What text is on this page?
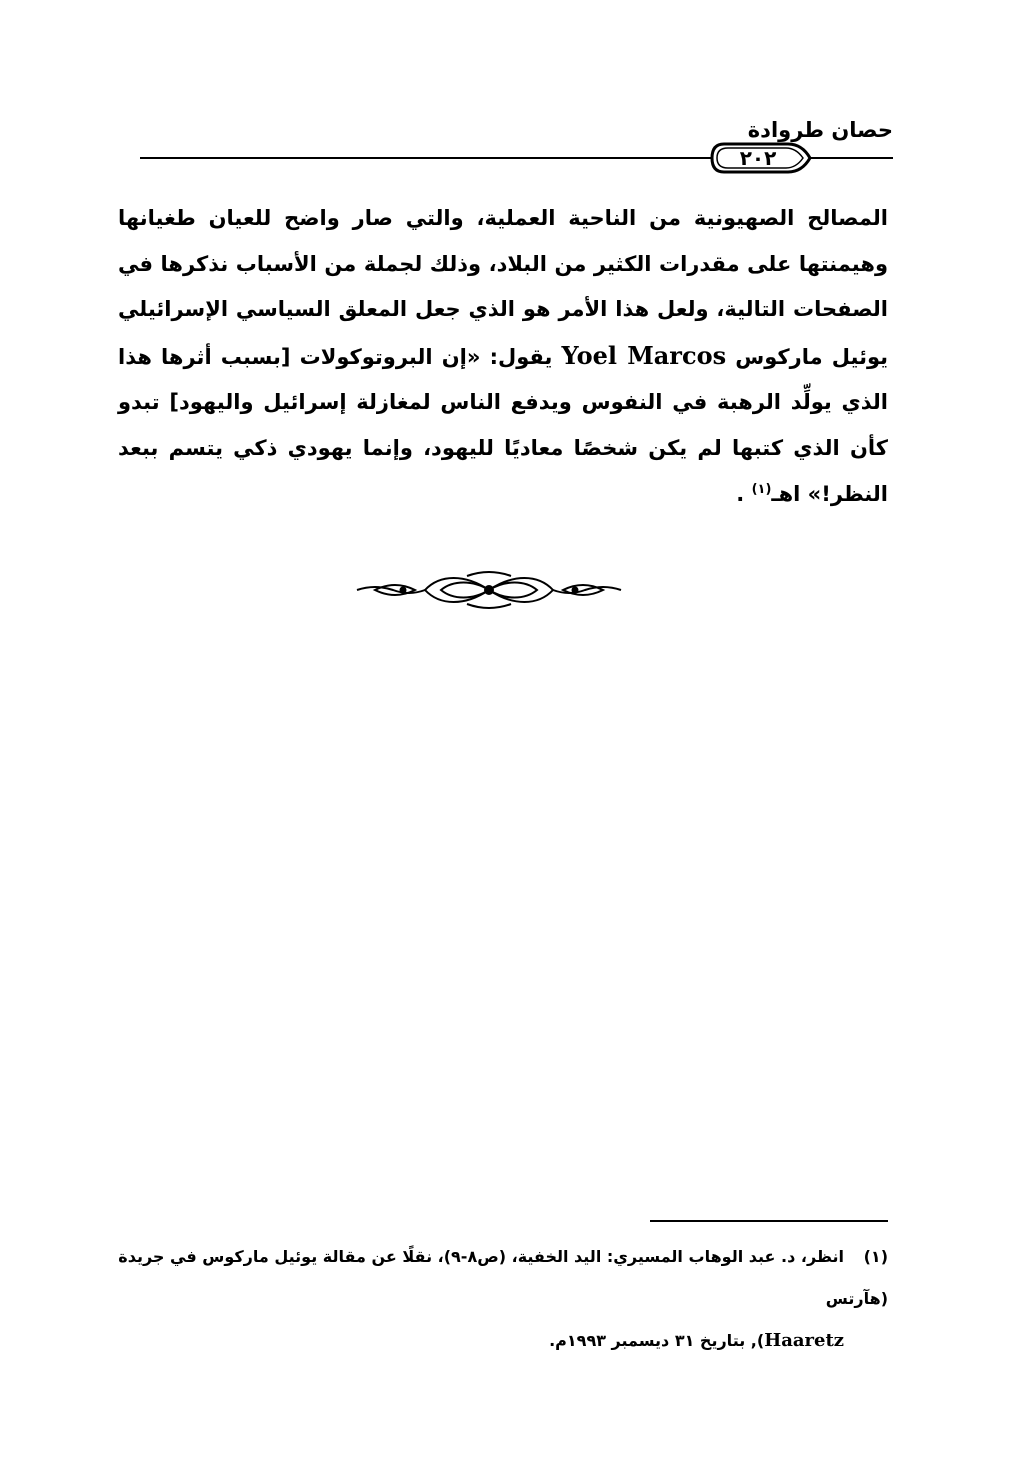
حصان طروادة
٢٠٢
المصالح الصهيونية من الناحية العملية، والتي صار واضح للعيان طغيانها وهيمنتها على مقدرات الكثير من البلاد، وذلك لجملة من الأسباب نذكرها في الصفحات التالية، ولعل هذا الأمر هو الذي جعل المعلق السياسي الإسرائيلي يوئيل ماركوس Yoel Marcos يقول: «إن البروتوكولات [بسبب أثرها هذا الذي يولِّد الرهبة في النفوس ويدفع الناس لمغازلة إسرائيل واليهود] تبدو كأن الذي كتبها لم يكن شخصًا معاديًا لليهود، وإنما يهودي ذكي يتسم ببعد النظر!» اهـ$^{(١)}$ .
(١)انظر، د. عبد الوهاب المسيري: اليد الخفية، (ص٨-٩)، نقلًا عن مقالة يوئيل ماركوس في جريدة (هآرتس
Haaretz), بتاريخ ٣١ ديسمبر ١٩٩٣م.
